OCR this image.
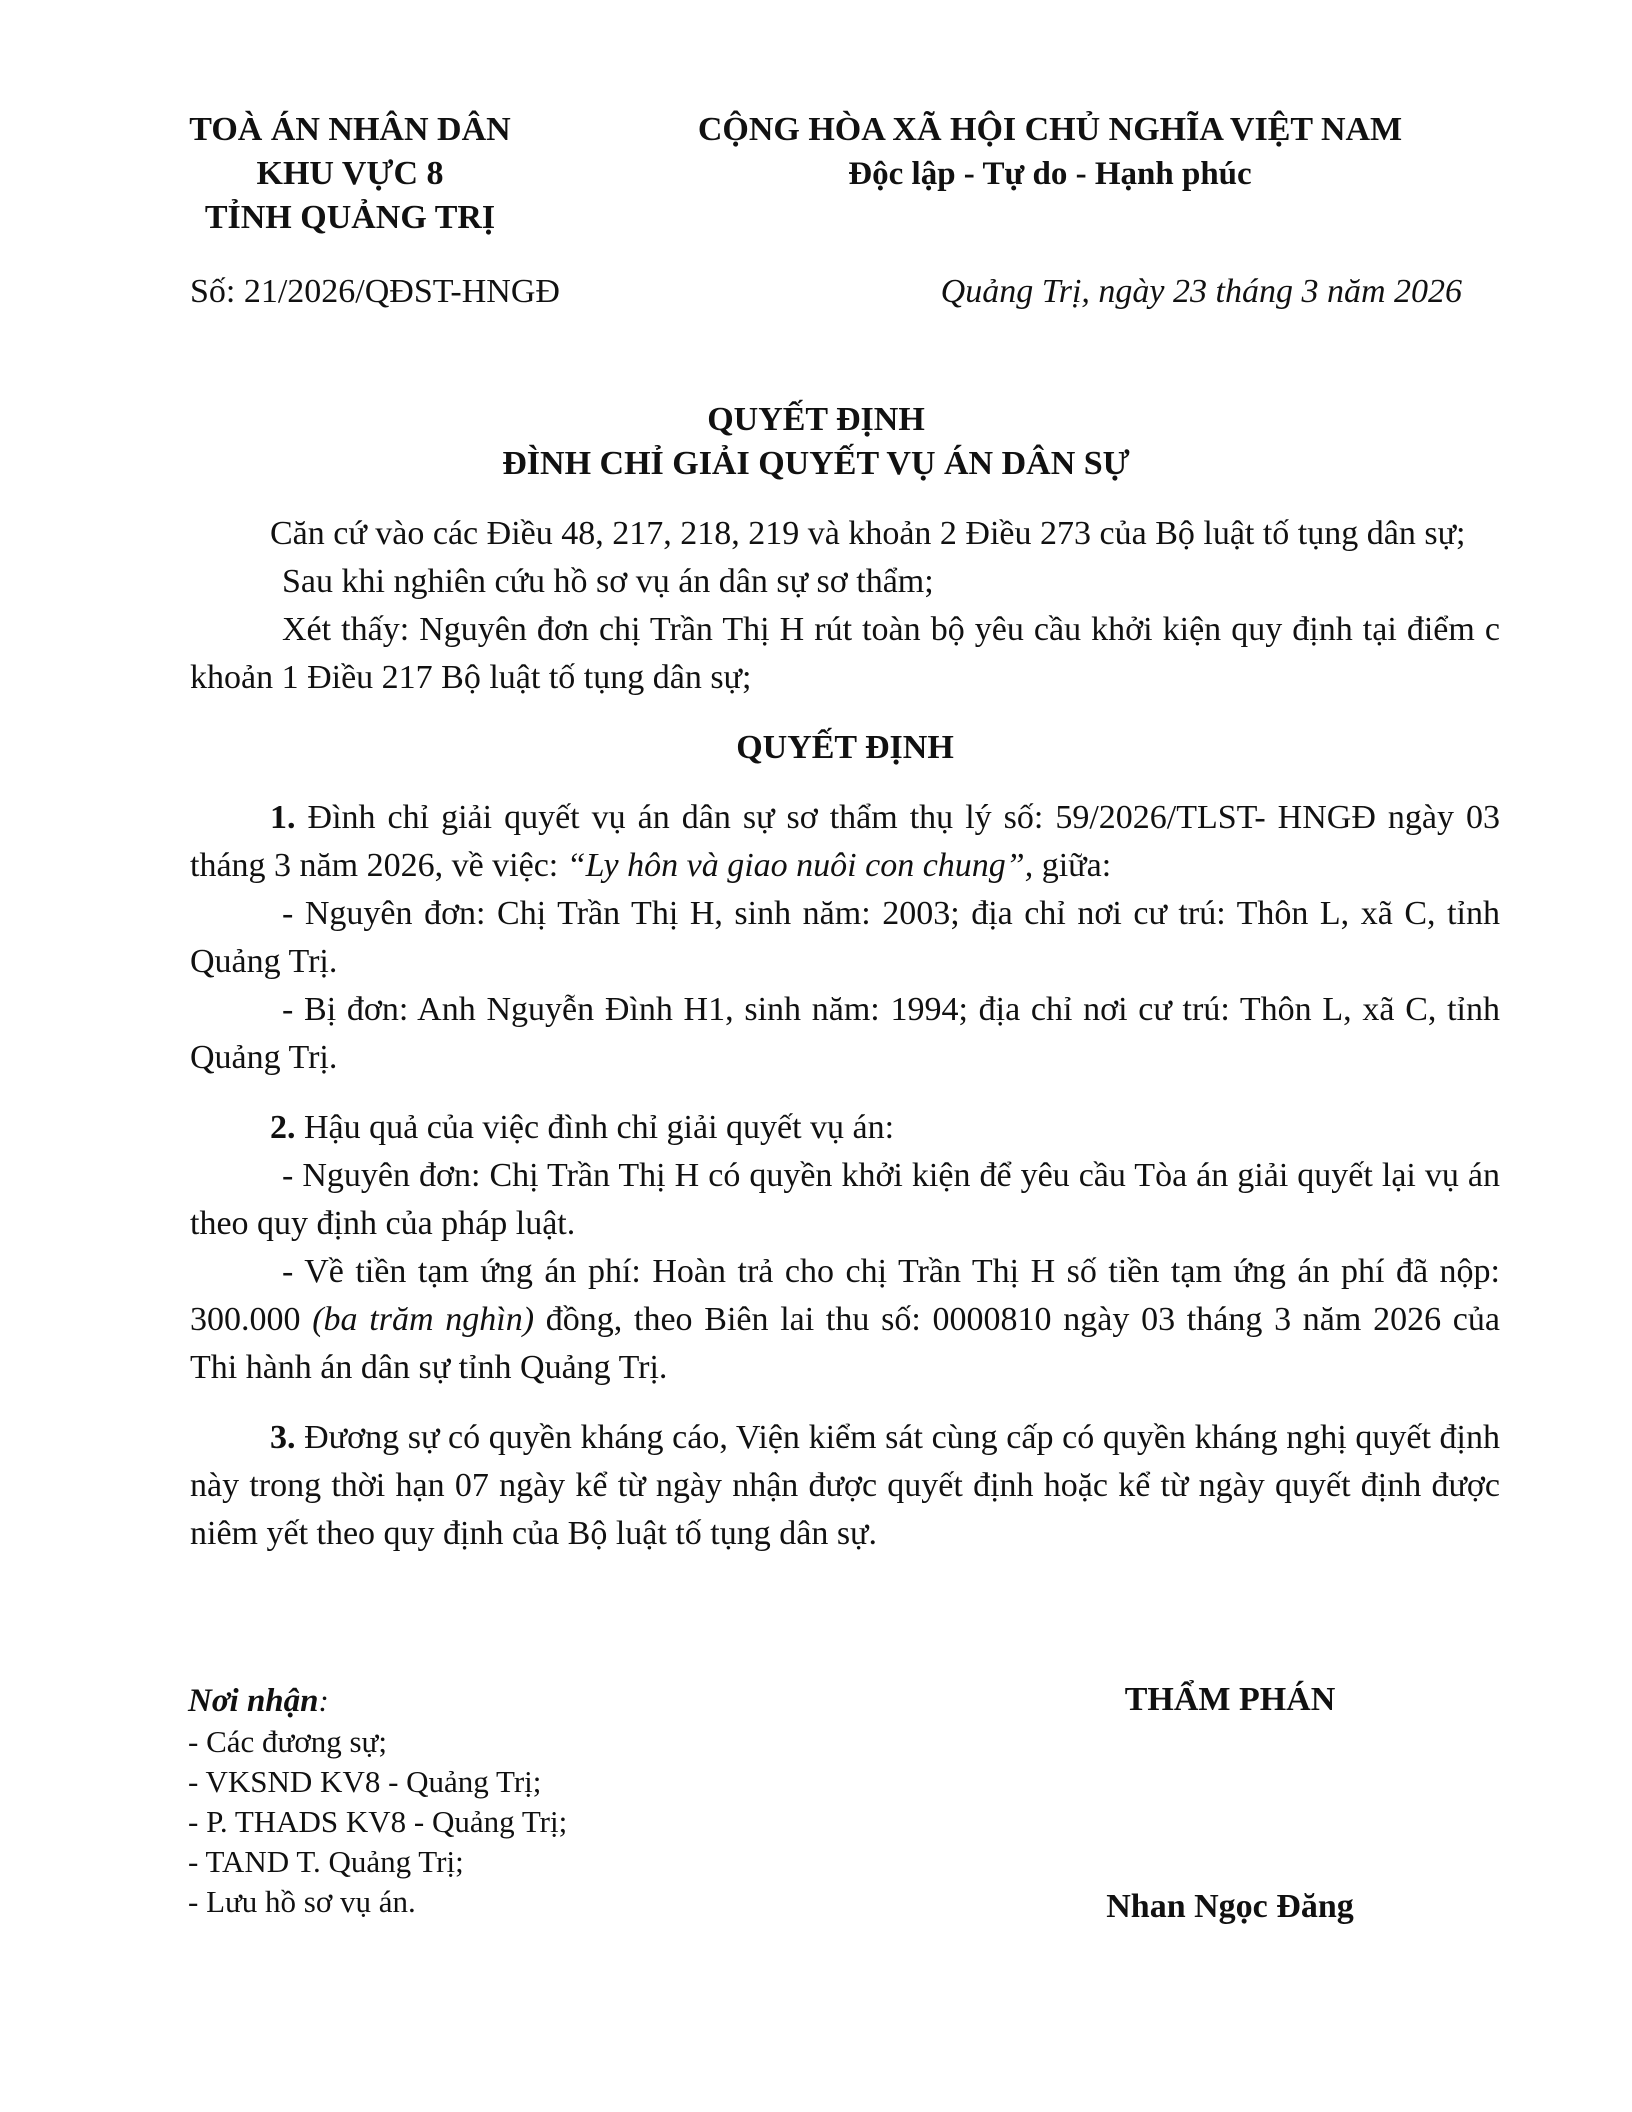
TOÀ ÁN NHÂN DÂN
KHU VỰC 8
TỈNH QUẢNG TRỊ
CỘNG HÒA XÃ HỘI CHỦ NGHĨA VIỆT NAM
Độc lập - Tự do - Hạnh phúc
Số: 21/2026/QĐST-HNGĐ	Quảng Trị, ngày 23 tháng 3 năm 2026
QUYẾT ĐỊNH
ĐÌNH CHỈ GIẢI QUYẾT VỤ ÁN DÂN SỰ

Căn cứ vào các Điều 48, 217, 218, 219 và khoản 2 Điều 273 của Bộ luật tố tụng dân sự;

Sau khi nghiên cứu hồ sơ vụ án dân sự sơ thẩm;

Xét thấy: Nguyên đơn chị Trần Thị H rút toàn bộ yêu cầu khởi kiện quy định tại điểm c khoản 1 Điều 217 Bộ luật tố tụng dân sự;

QUYẾT ĐỊNH

1. Đình chỉ giải quyết vụ án dân sự sơ thẩm thụ lý số: 59/2026/TLST- HNGĐ ngày 03 tháng 3 năm 2026, về việc: “Ly hôn và giao nuôi con chung”, giữa:

- Nguyên đơn: Chị Trần Thị H, sinh năm: 2003; địa chỉ nơi cư trú: Thôn L, xã C, tỉnh Quảng Trị.

- Bị đơn: Anh Nguyễn Đình H1, sinh năm: 1994; địa chỉ nơi cư trú: Thôn L, xã C, tỉnh Quảng Trị.

2. Hậu quả của việc đình chỉ giải quyết vụ án:

- Nguyên đơn: Chị Trần Thị H có quyền khởi kiện để yêu cầu Tòa án giải quyết lại vụ án theo quy định của pháp luật.

- Về tiền tạm ứng án phí: Hoàn trả cho chị Trần Thị H số tiền tạm ứng án phí đã nộp: 300.000 (ba trăm nghìn) đồng, theo Biên lai thu số: 0000810 ngày 03 tháng 3 năm 2026 của Thi hành án dân sự tỉnh Quảng Trị.

3. Đương sự có quyền kháng cáo, Viện kiểm sát cùng cấp có quyền kháng nghị quyết định này trong thời hạn 07 ngày kể từ ngày nhận được quyết định hoặc kể từ ngày quyết định được niêm yết theo quy định của Bộ luật tố tụng dân sự.

Nơi nhận:
- Các đương sự;
- VKSND KV8 - Quảng Trị;
- P. THADS KV8 - Quảng Trị;
- TAND T. Quảng Trị;
- Lưu hồ sơ vụ án.
THẨM PHÁN
Nhan Ngọc Đăng
